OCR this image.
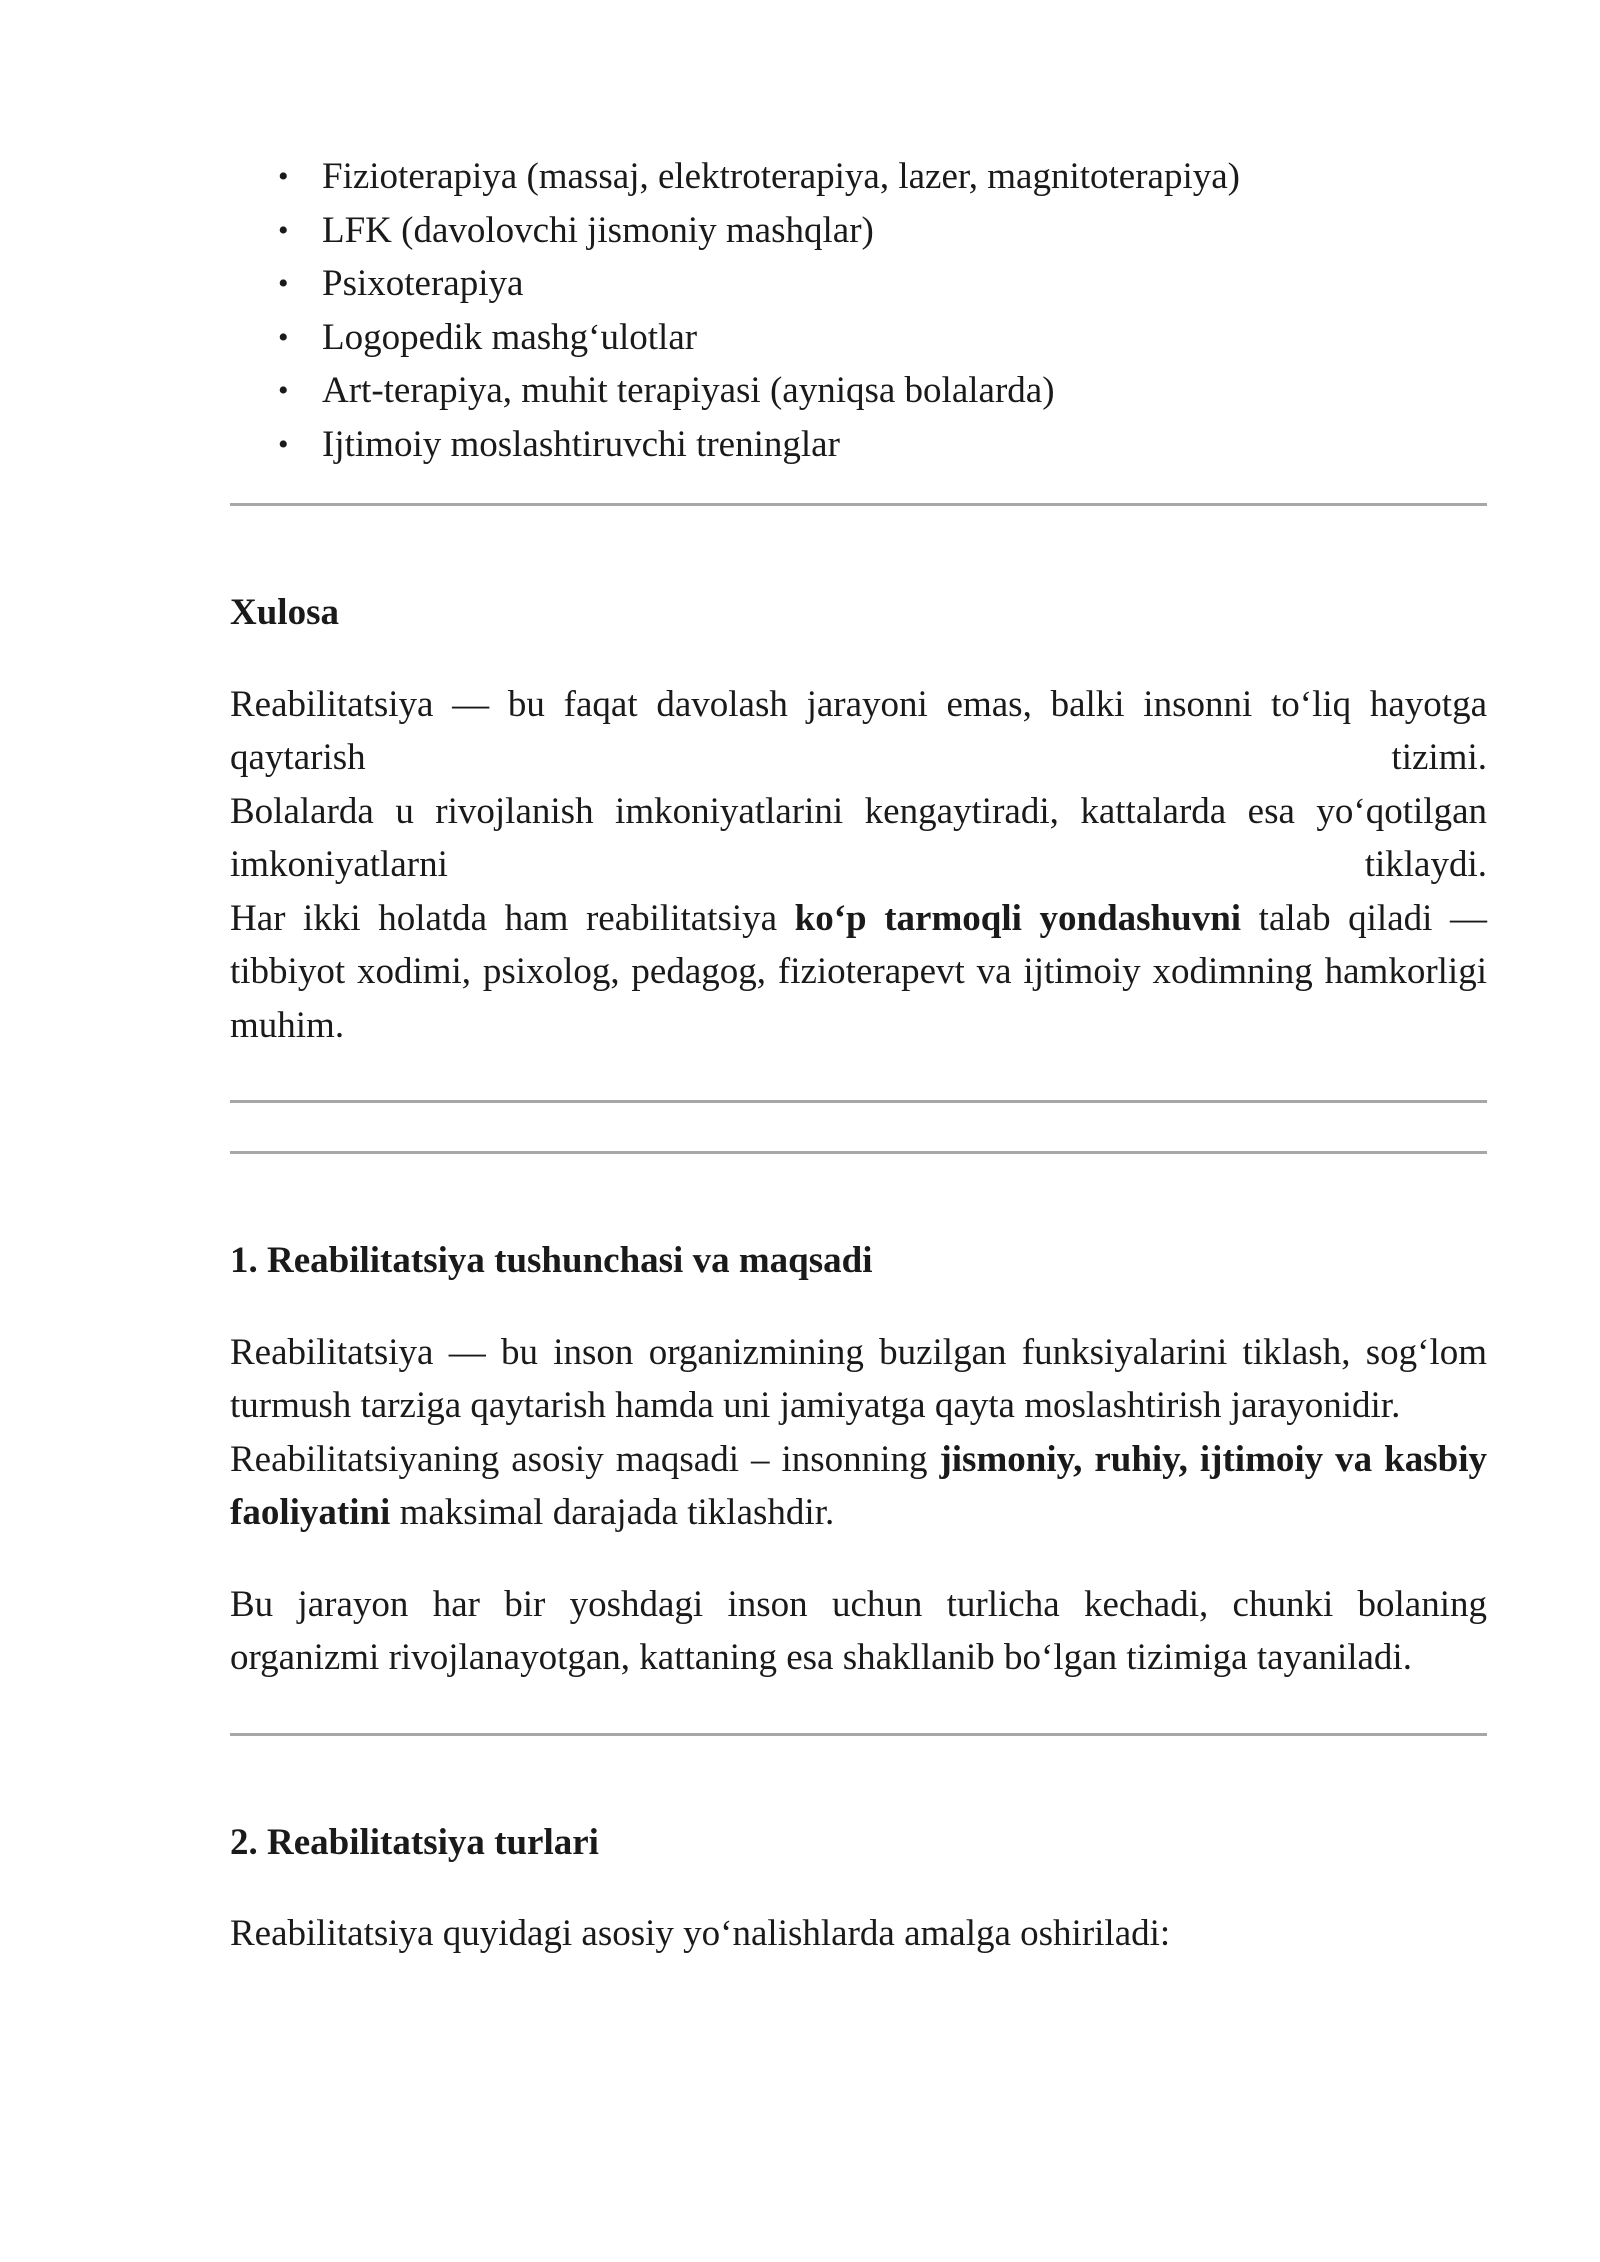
• Fizioterapiya (massaj, elektroterapiya, lazer, magnitoterapiya)
• LFK (davolovchi jismoniy mashqlar)
• Psixoterapiya
• Logopedik mashg‘ulotlar
• Art-terapiya, muhit terapiyasi (ayniqsa bolalarda)
• Ijtimoiy moslashtiruvchi treninglar
Xulosa
Reabilitatsiya — bu faqat davolash jarayoni emas, balki insonni to‘liq hayotga qaytarish tizimi.
Bolalarda u rivojlanish imkoniyatlarini kengaytiradi, kattalarda esa yo‘qotilgan imkoniyatlarni tiklaydi.

Har ikki holatda ham reabilitatsiya ko‘p tarmoqli yondashuvni talab qiladi — tibbiyot xodimi, psixolog, pedagog, fizioterapevt va ijtimoiy xodimning hamkorligi muhim.

1. Reabilitatsiya tushunchasi va maqsadi

Reabilitatsiya — bu inson organizmining buzilgan funksiyalarini tiklash, sog‘lom turmush tarziga qaytarish hamda uni jamiyatga qayta moslashtirish jarayonidir.

Reabilitatsiyaning asosiy maqsadi – insonning jismoniy, ruhiy, ijtimoiy va kasbiy faoliyatini maksimal darajada tiklashdir.

Bu jarayon har bir yoshdagi inson uchun turlicha kechadi, chunki bolaning organizmi rivojlanayotgan, kattaning esa shakllanib bo‘lgan tizimiga tayaniladi.

2. Reabilitatsiya turlari

Reabilitatsiya quyidagi asosiy yo‘nalishlarda amalga oshiriladi:
